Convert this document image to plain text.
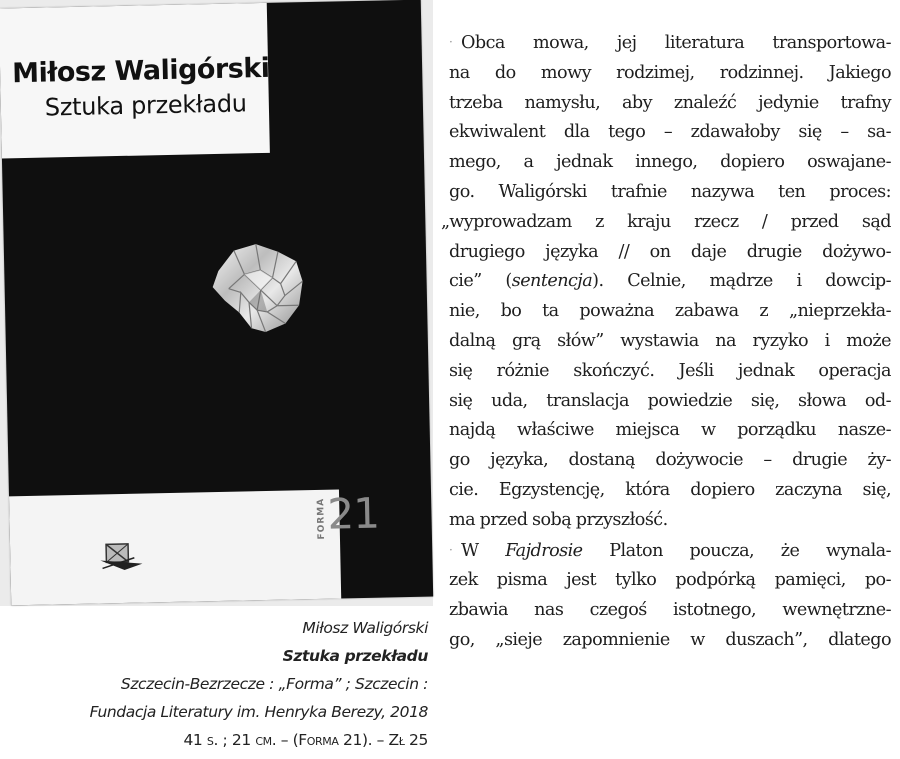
Miłosz Waligórski
Sztuka przekładu
FORMA 21
Miłosz Waligórski
Sztuka przekładu
Szczecin-Bezrzecze : „Forma” ; Szczecin :
Fundacja Literatury im. Henryka Berezy, 2018
41 s. ; 21 cm. – (Forma 21). – Zł 25
· Obca mowa, jej literatura transportowa-
na do mowy rodzimej, rodzinnej. Jakiego
trzeba namysłu, aby znaleźć jedynie trafny
ekwiwalent dla tego – zdawałoby się – sa-
mego, a jednak innego, dopiero oswajane-
go. Waligórski trafnie nazywa ten proces:
„wyprowadzam z kraju rzecz / przed sąd
drugiego języka // on daje drugie dożywo-
cie” (sentencja). Celnie, mądrze i dowcip-
nie, bo ta poważna zabawa z „nieprzekła-
dalną grą słów” wystawia na ryzyko i może
się różnie skończyć. Jeśli jednak operacja
się uda, translacja powiedzie się, słowa od-
najdą właściwe miejsca w porządku nasze-
go języka, dostaną dożywocie – drugie ży-
cie. Egzystencję, która dopiero zaczyna się,
ma przed sobą przyszłość.
· W Fajdrosie Platon poucza, że wynala-
zek pisma jest tylko podpórką pamięci, po-
zbawia nas czegoś istotnego, wewnętrzne-
go, „sieje zapomnienie w duszach”, dlatego
